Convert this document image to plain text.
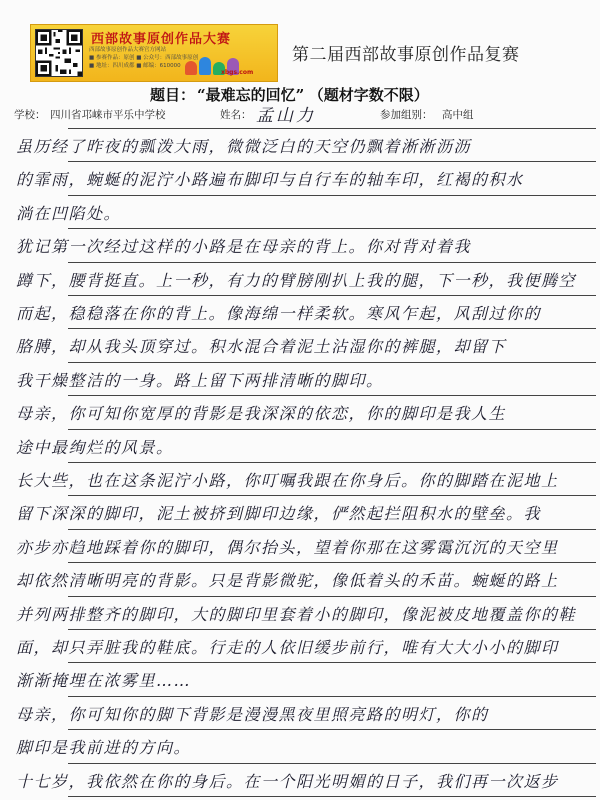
西部故事原创作品大赛
西部故事原创作品大赛官方网站
■ 参赛作品：原创 ■ 公众号：西部故事原创
■ 地址：四川成都 ■ 邮编：610000
xbgs.com
第二届西部故事原创作品复赛
题目： “最难忘的回忆” （题材字数不限）
学校： 四川省邛崃市平乐中学校	姓名： 孟山力	参加组别： 高中组
虽历经了昨夜的瓢泼大雨，微微泛白的天空仍飘着淅淅沥沥
的霏雨，蜿蜒的泥泞小路遍布脚印与自行车的轴车印，红褐的积水
淌在凹陷处。
犹记第一次经过这样的小路是在母亲的背上。你对背对着我
蹲下，腰背挺直。上一秒，有力的臂膀刚扒上我的腿，下一秒，我便腾空
而起，稳稳落在你的背上。像海绵一样柔软。寒风乍起，风刮过你的
胳膊，却从我头顶穿过。积水混合着泥土沾湿你的裤腿，却留下
我干燥整洁的一身。路上留下两排清晰的脚印。
母亲，你可知你宽厚的背影是我深深的依恋，你的脚印是我人生
途中最绚烂的风景。
长大些，也在这条泥泞小路，你叮嘱我跟在你身后。你的脚踏在泥地上
留下深深的脚印，泥土被挤到脚印边缘，俨然起拦阻积水的壁垒。我
亦步亦趋地踩着你的脚印，偶尔抬头，望着你那在这雾霭沉沉的天空里
却依然清晰明亮的背影。只是背影微驼，像低着头的禾苗。蜿蜒的路上
并列两排整齐的脚印，大的脚印里套着小的脚印，像泥被皮地覆盖你的鞋
面，却只弄脏我的鞋底。行走的人依旧缓步前行，唯有大大小小的脚印
渐渐掩埋在浓雾里……
母亲，你可知你的脚下背影是漫漫黑夜里照亮路的明灯，你的
脚印是我前进的方向。
十七岁，我依然在你的身后。在一个阳光明媚的日子，我们再一次返步
